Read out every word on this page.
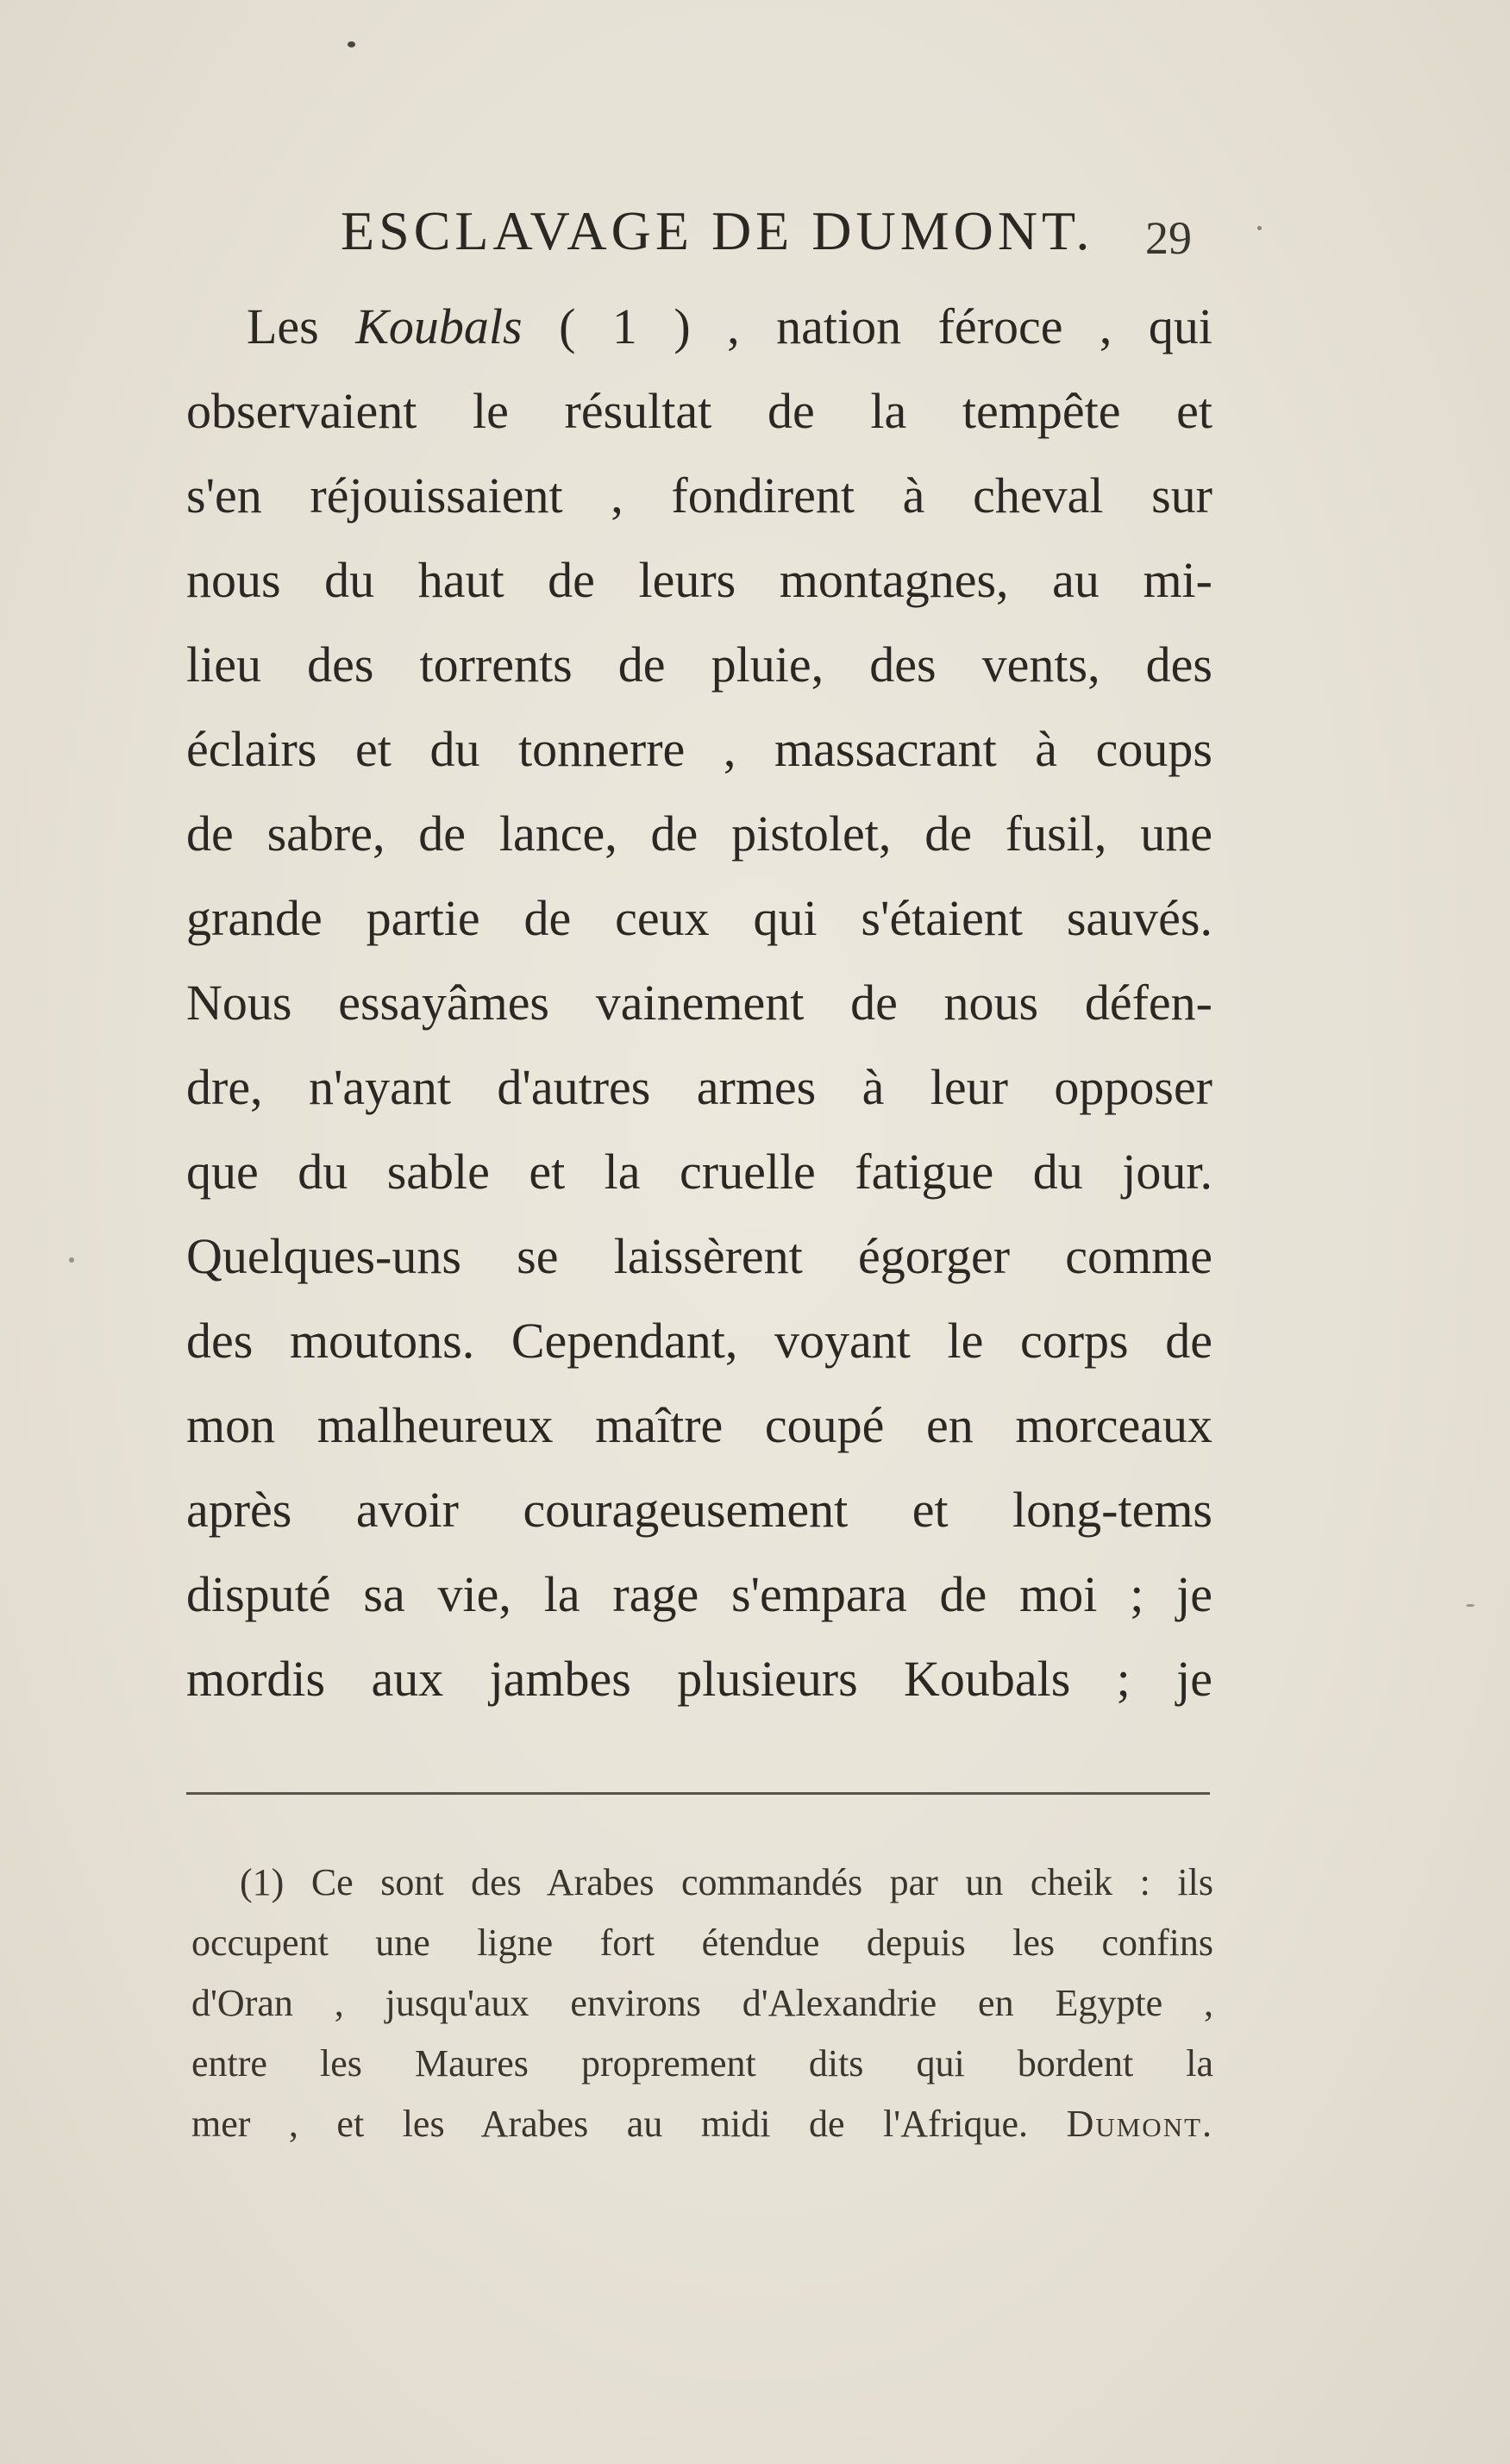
ESCLAVAGE DE DUMONT. 29
Les Koubals ( 1 ) , nation féroce , qui
observaient le résultat de la tempête et
s'en réjouissaient , fondirent à cheval sur
nous du haut de leurs montagnes, au mi-
lieu des torrents de pluie, des vents, des
éclairs et du tonnerre , massacrant à coups
de sabre, de lance, de pistolet, de fusil, une
grande partie de ceux qui s'étaient sauvés.
Nous essayâmes vainement de nous défen-
dre, n'ayant d'autres armes à leur opposer
que du sable et la cruelle fatigue du jour.
Quelques-uns se laissèrent égorger comme
des moutons. Cependant, voyant le corps de
mon malheureux maître coupé en morceaux
après avoir courageusement et long-tems
disputé sa vie, la rage s'empara de moi ; je
mordis aux jambes plusieurs Koubals ; je
(1) Ce sont des Arabes commandés par un cheik : ils
occupent une ligne fort étendue depuis les confins
d'Oran , jusqu'aux environs d'Alexandrie en Egypte ,
entre les Maures proprement dits qui bordent la
mer , et les Arabes au midi de l'Afrique. Dumont.
